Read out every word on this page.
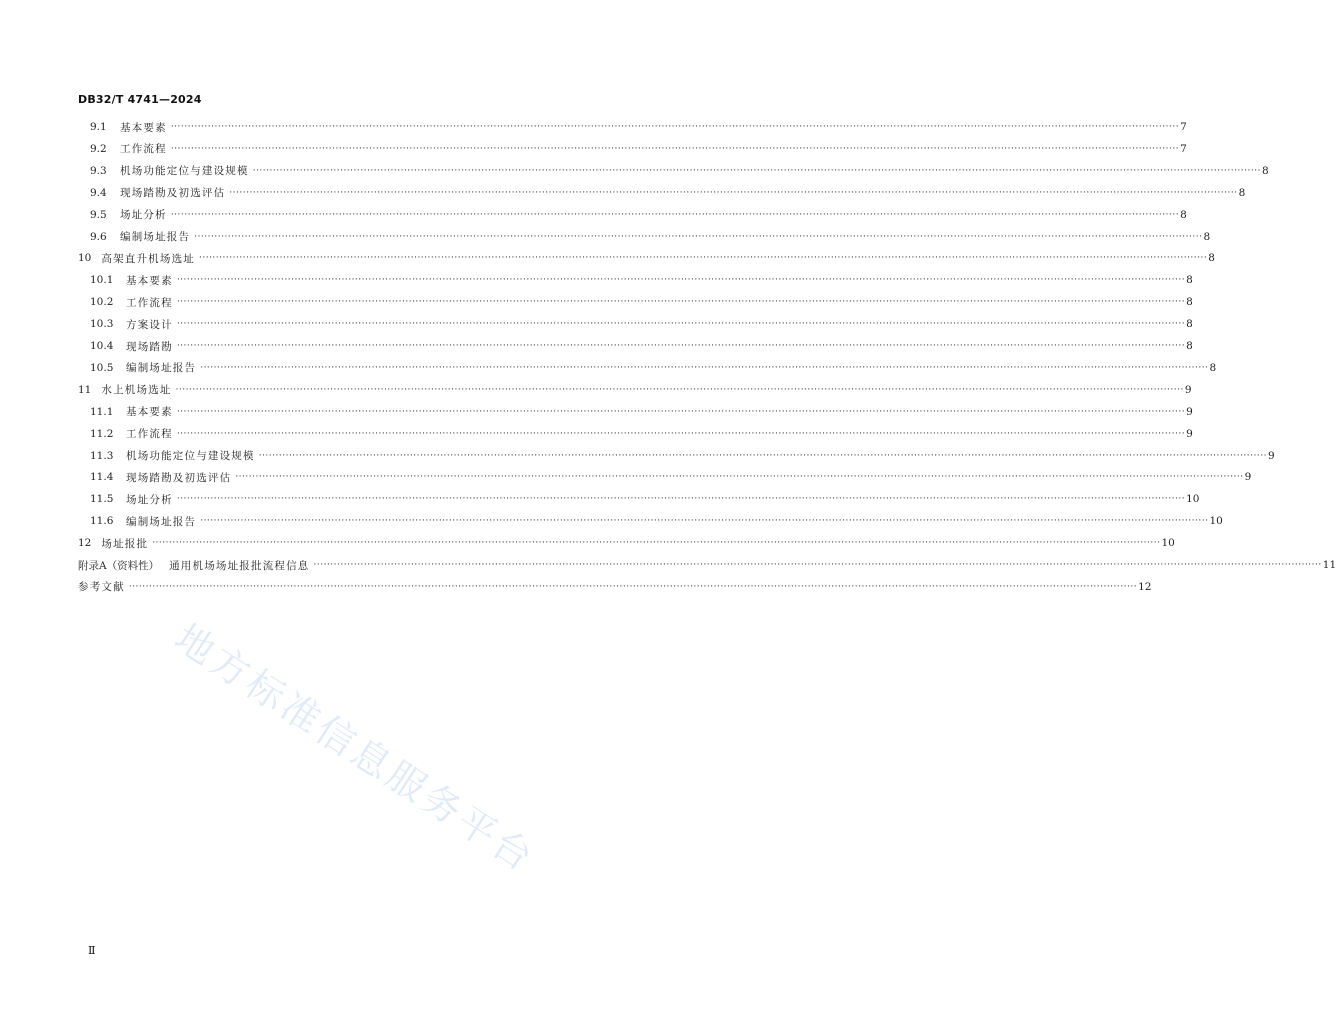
DB32/T 4741—2024
9.1	基本要素 ············································································································································································································································································································ 7
9.2	工作流程 ············································································································································································································································································································ 7
9.3	机场功能定位与建设规模 ············································································································································································································································································································ 8
9.4	现场踏勘及初选评估 ············································································································································································································································································································ 8
9.5	场址分析 ············································································································································································································································································································ 8
9.6	编制场址报告 ············································································································································································································································································································ 8
10 高架直升机场选址 ············································································································································································································································································································ 8
10.1 基本要素 ············································································································································································································································································································ 8
10.2 工作流程 ············································································································································································································································································································ 8
10.3 方案设计 ············································································································································································································································································································ 8
10.4 现场踏勘 ············································································································································································································································································································ 8
10.5 编制场址报告 ············································································································································································································································································································ 8
11 水上机场选址 ············································································································································································································································································································ 9
11.1 基本要素 ············································································································································································································································································································ 9
11.2 工作流程 ············································································································································································································································································································ 9
11.3 机场功能定位与建设规模 ············································································································································································································································································································ 9
11.4 现场踏勘及初选评估 ············································································································································································································································································································ 9
11.5 场址分析 ············································································································································································································································································································ 10
11.6 编制场址报告 ············································································································································································································································································································ 10
12 场址报批 ············································································································································································································································································································ 10
附录A（资料性） 通用机场场址报批流程信息 ············································································································································································································································································································ 11
参考文献 ············································································································································································································································································································ 12
地方标准信息服务平台
Ⅱ
